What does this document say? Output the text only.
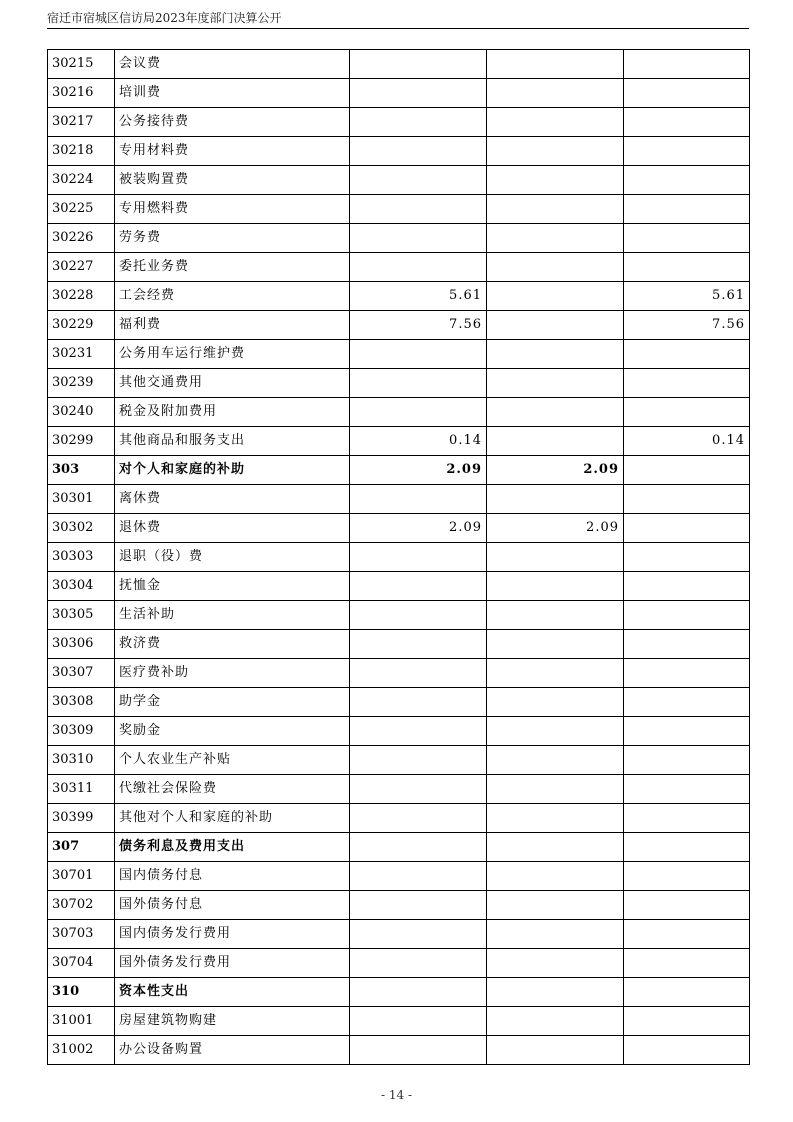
宿迁市宿城区信访局2023年度部门决算公开
30215	会议费			
30216	培训费			
30217	公务接待费			
30218	专用材料费			
30224	被装购置费			
30225	专用燃料费			
30226	劳务费			
30227	委托业务费			
30228	工会经费	5.61		5.61
30229	福利费	7.56		7.56
30231	公务用车运行维护费			
30239	其他交通费用			
30240	税金及附加费用			
30299	其他商品和服务支出	0.14		0.14
303	对个人和家庭的补助	2.09	2.09	
30301	离休费			
30302	退休费	2.09	2.09	
30303	退职（役）费			
30304	抚恤金			
30305	生活补助			
30306	救济费			
30307	医疗费补助			
30308	助学金			
30309	奖励金			
30310	个人农业生产补贴			
30311	代缴社会保险费			
30399	其他对个人和家庭的补助			
307	债务利息及费用支出			
30701	国内债务付息			
30702	国外债务付息			
30703	国内债务发行费用			
30704	国外债务发行费用			
310	资本性支出			
31001	房屋建筑物购建			
31002	办公设备购置			
- 14 -
